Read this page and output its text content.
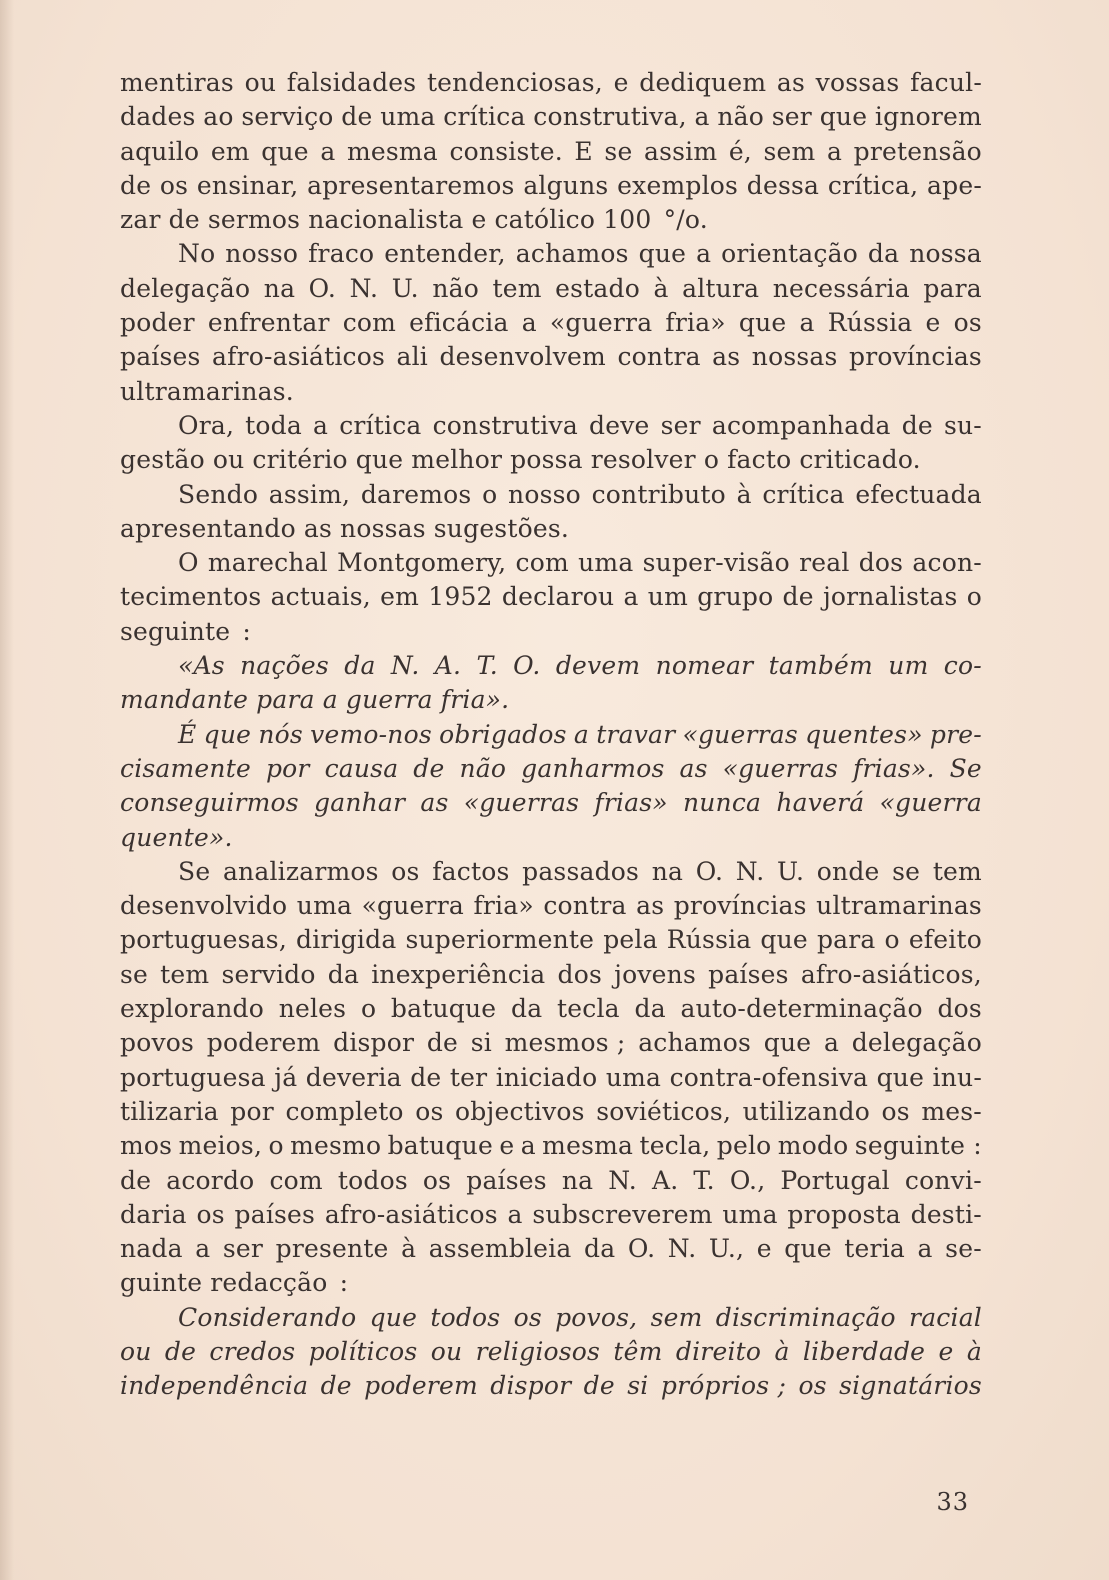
mentiras ou falsidades tendenciosas, e dediquem as vossas facul-
dades ao serviço de uma crítica construtiva, a não ser que ignorem
aquilo em que a mesma consiste. E se assim é, sem a pretensão
de os ensinar, apresentaremos alguns exemplos dessa crítica, ape-
zar de sermos nacionalista e católico 100 °/o.
No nosso fraco entender, achamos que a orientação da nossa
delegação na O. N. U. não tem estado à altura necessária para
poder enfrentar com eficácia a «guerra fria» que a Rússia e os
países afro-asiáticos ali desenvolvem contra as nossas províncias
ultramarinas.
Ora, toda a crítica construtiva deve ser acompanhada de su-
gestão ou critério que melhor possa resolver o facto criticado.
Sendo assim, daremos o nosso contributo à crítica efectuada
apresentando as nossas sugestões.
O marechal Montgomery, com uma super-visão real dos acon-
tecimentos actuais, em 1952 declarou a um grupo de jornalistas o
seguinte :
«As nações da N. A. T. O. devem nomear também um co-
mandante para a guerra fria».
É que nós vemo-nos obrigados a travar «guerras quentes» pre-
cisamente por causa de não ganharmos as «guerras frias». Se
conseguirmos ganhar as «guerras frias» nunca haverá «guerra
quente».
Se analizarmos os factos passados na O. N. U. onde se tem
desenvolvido uma «guerra fria» contra as províncias ultramarinas
portuguesas, dirigida superiormente pela Rússia que para o efeito
se tem servido da inexperiência dos jovens países afro-asiáticos,
explorando neles o batuque da tecla da auto-determinação dos
povos poderem dispor de si mesmos ; achamos que a delegação
portuguesa já deveria de ter iniciado uma contra-ofensiva que inu-
tilizaria por completo os objectivos soviéticos, utilizando os mes-
mos meios, o mesmo batuque e a mesma tecla, pelo modo seguinte :
de acordo com todos os países na N. A. T. O., Portugal convi-
daria os países afro-asiáticos a subscreverem uma proposta desti-
nada a ser presente à assembleia da O. N. U., e que teria a se-
guinte redacção :
Considerando que todos os povos, sem discriminação racial
ou de credos políticos ou religiosos têm direito à liberdade e à
independência de poderem dispor de si próprios ; os signatários
33
